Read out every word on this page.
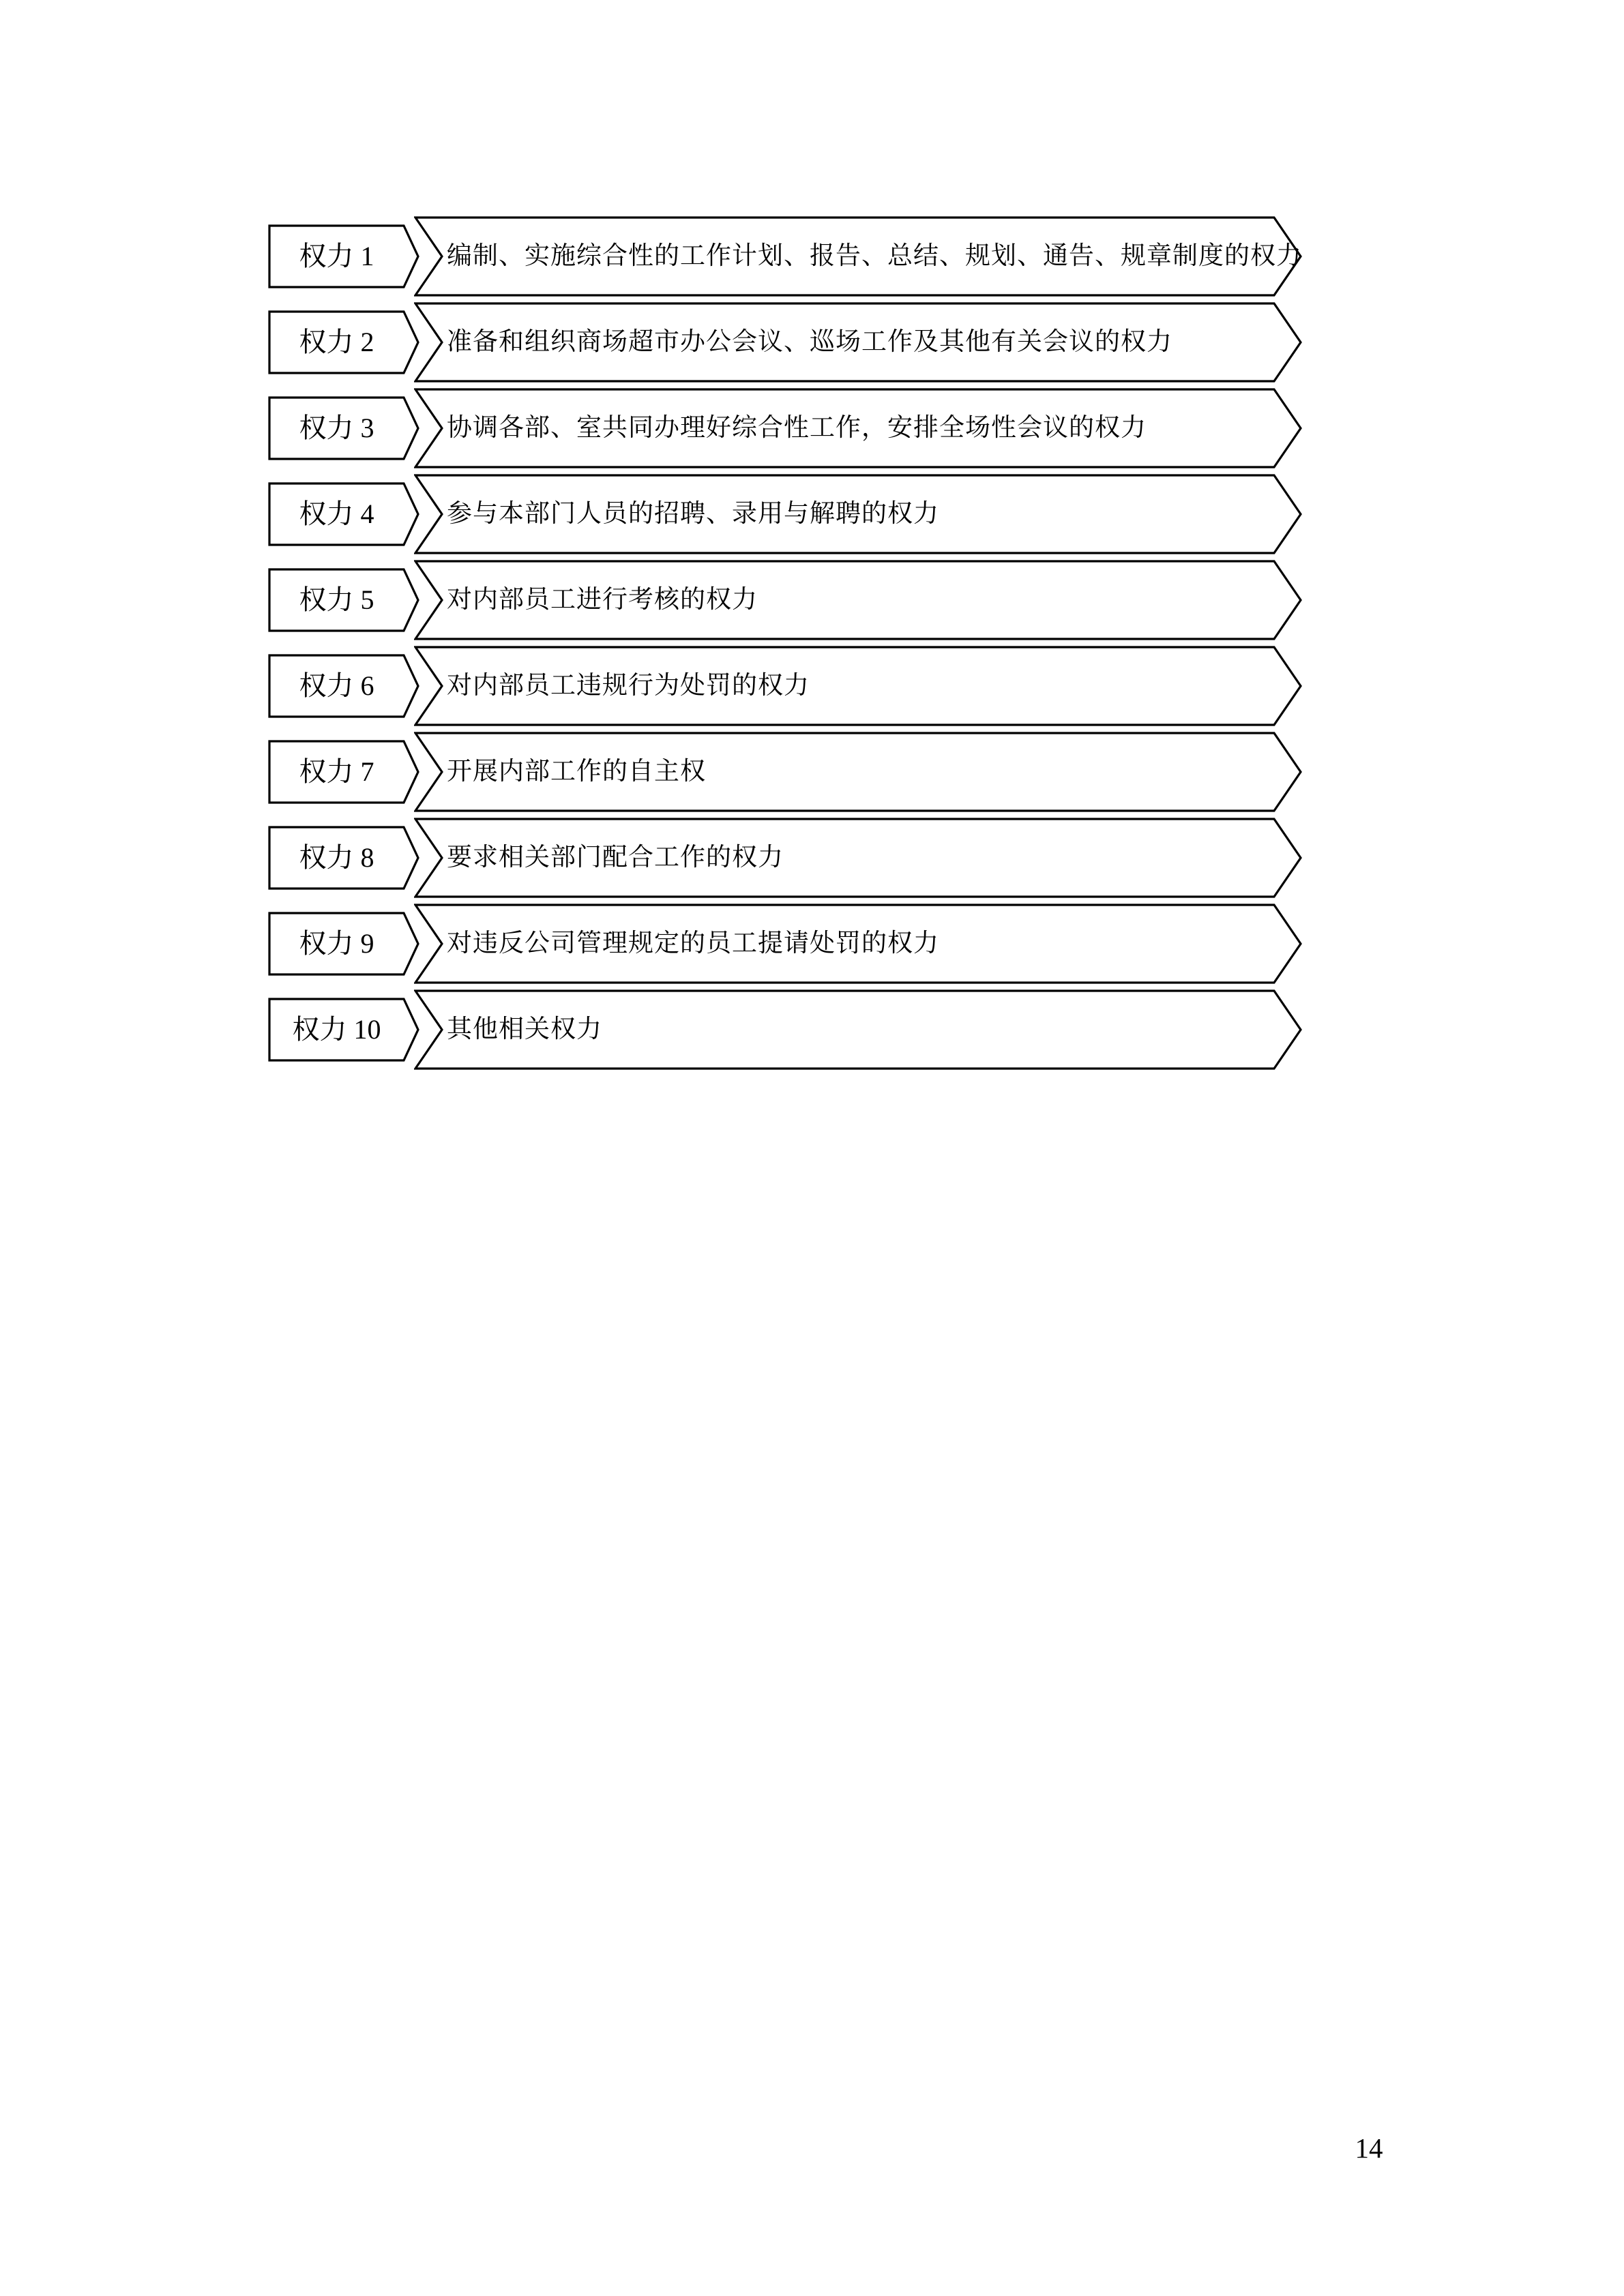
权力 1	编制、实施综合性的工作计划、报告、总结、规划、通告、规章制度的权力
权力 2	准备和组织商场超市办公会议、巡场工作及其他有关会议的权力
权力 3	协调各部、室共同办理好综合性工作，安排全场性会议的权力
权力 4	参与本部门人员的招聘、录用与解聘的权力
权力 5	对内部员工进行考核的权力
权力 6	对内部员工违规行为处罚的权力
权力 7	开展内部工作的自主权
权力 8	要求相关部门配合工作的权力
权力 9	对违反公司管理规定的员工提请处罚的权力
权力 10	其他相关权力
14
